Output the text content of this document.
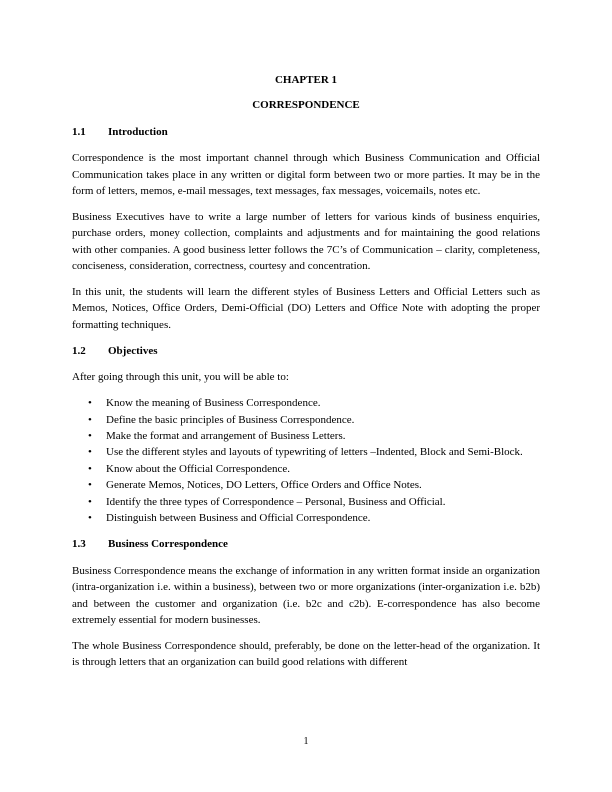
CHAPTER 1

CORRESPONDENCE

1.1	Introduction

Correspondence is the most important channel through which Business Communication and Official Communication takes place in any written or digital form between two or more parties. It may be in the form of letters, memos, e-mail messages, text messages, fax messages, voicemails, notes etc.

Business Executives have to write a large number of letters for various kinds of business enquiries, purchase orders, money collection, complaints and adjustments and for maintaining the good relations with other companies. A good business letter follows the 7C’s of Communication – clarity, completeness, conciseness, consideration, correctness, courtesy and concentration.

In this unit, the students will learn the different styles of Business Letters and Official Letters such as Memos, Notices, Office Orders, Demi-Official (DO) Letters and Office Note with adopting the proper formatting techniques.

1.2	Objectives

After going through this unit, you will be able to:

• Know the meaning of Business Correspondence.
• Define the basic principles of Business Correspondence.
• Make the format and arrangement of Business Letters.
• Use the different styles and layouts of typewriting of letters –Indented, Block and Semi-Block.
• Know about the Official Correspondence.
• Generate Memos, Notices, DO Letters, Office Orders and Office Notes.
• Identify the three types of Correspondence – Personal, Business and Official.
• Distinguish between Business and Official Correspondence.
1.3	Business Correspondence

Business Correspondence means the exchange of information in any written format inside an organization (intra-organization i.e. within a business), between two or more organizations (inter-organization i.e. b2b) and between the customer and organization (i.e. b2c and c2b). E-correspondence has also become extremely essential for modern businesses.

The whole Business Correspondence should, preferably, be done on the letter-head of the organization. It is through letters that an organization can build good relations with different

1
